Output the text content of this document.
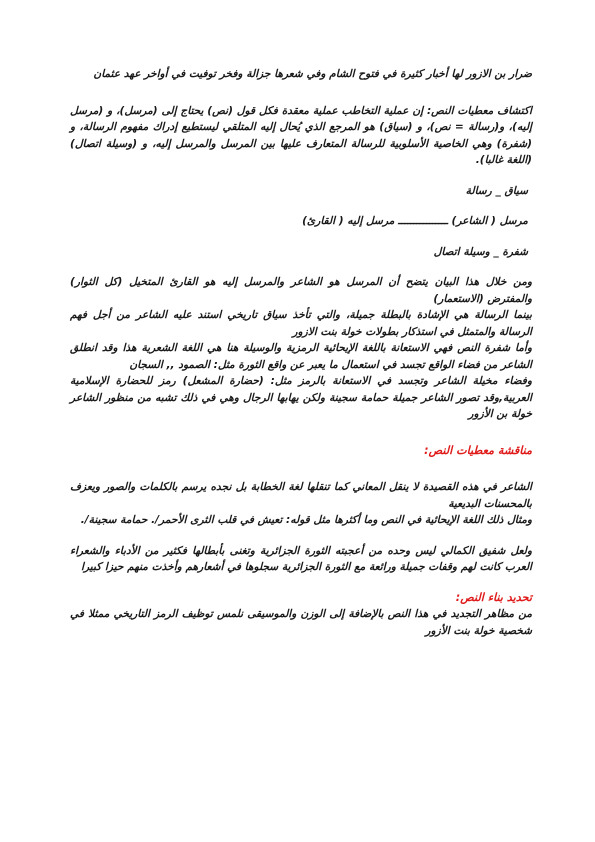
ضرار بن الازور لها أخبار كثيرة في فتوح الشام وفي شعرها جزالة وفخر توفيت في أواخر عهد عثمان

اكتشاف معطيات النص: إن عملية التخاطب عملية معقدة فكل قول (نص) يحتاج إلى (مرسل)، و (مرسل إليه)، و(رسالة = نص)، و (سياق) هو المرجع الذي يُحال إليه المتلقي ليستطيع إدراك مفهوم الرسالة، و (شفرة) وهي الخاصية الأسلوبية للرسالة المتعارف عليها بين المرسل والمرسل إليه، و (وسيلة اتصال) (اللغة غالبا).

سياق _ رسالة

مرسل ( الشاعر) ــــــــــــــــ مرسل إليه ( القارئ)

شفرة _ وسيلة اتصال

ومن خلال هذا البيان يتضح أن المرسل هو الشاعر والمرسل إليه هو القارئ المتخيل (كل الثوار) والمفترض (الاستعمار)

بينما الرسالة هي الإشادة بالبطلة جميلة، والتي تأخذ سياق تاريخي استند عليه الشاعر من أجل فهم الرسالة والمتمثل في استذكار بطولات خولة بنت الازور

وأما شفرة النص فهي الاستعانة باللغة الإيحائية الرمزية والوسيلة هنا هي اللغة الشعرية هذا وقد انطلق الشاعر من فضاء الواقع تجسد في استعمال ما يعبر عن واقع الثورة مثل: الصمود ,, السجان

وفضاء مخيلة الشاعر وتجسد في الاستعانة بالرمز مثل: (حضارة المشعل) رمز للحضارة الإسلامية العربية,وقد تصور الشاعر جميلة حمامة سجينة ولكن يهابها الرجال وهي في ذلك تشبه من منظور الشاعر خولة بن الأزور

مناقشة معطيات النص:

الشاعر في هذه القصيدة لا ينقل المعاني كما تنقلها لغة الخطابة بل نجده يرسم بالكلمات والصور ويعزف بالمحسنات البديعية

ومثال ذلك اللغة الإيحائية في النص وما أكثرها مثل قوله: تعيش في قلب الثرى الأحمر/. حمامة سجينة/.

ولعل شفيق الكمالي ليس وحده من أعجبته الثورة الجزائرية وتغنى بأبطالها فكثير من الأدباء والشعراء العرب كانت لهم وقفات جميلة ورائعة مع الثورة الجزائرية سجلوها في أشعارهم وأخذت منهم حيزا كبيرا

تحديد بناء النص:

من مظاهر التجديد في هذا النص بالإضافة إلى الوزن والموسيقى نلمس توظيف الرمز التاريخي ممثلا في شخصية خولة بنت الأزور
